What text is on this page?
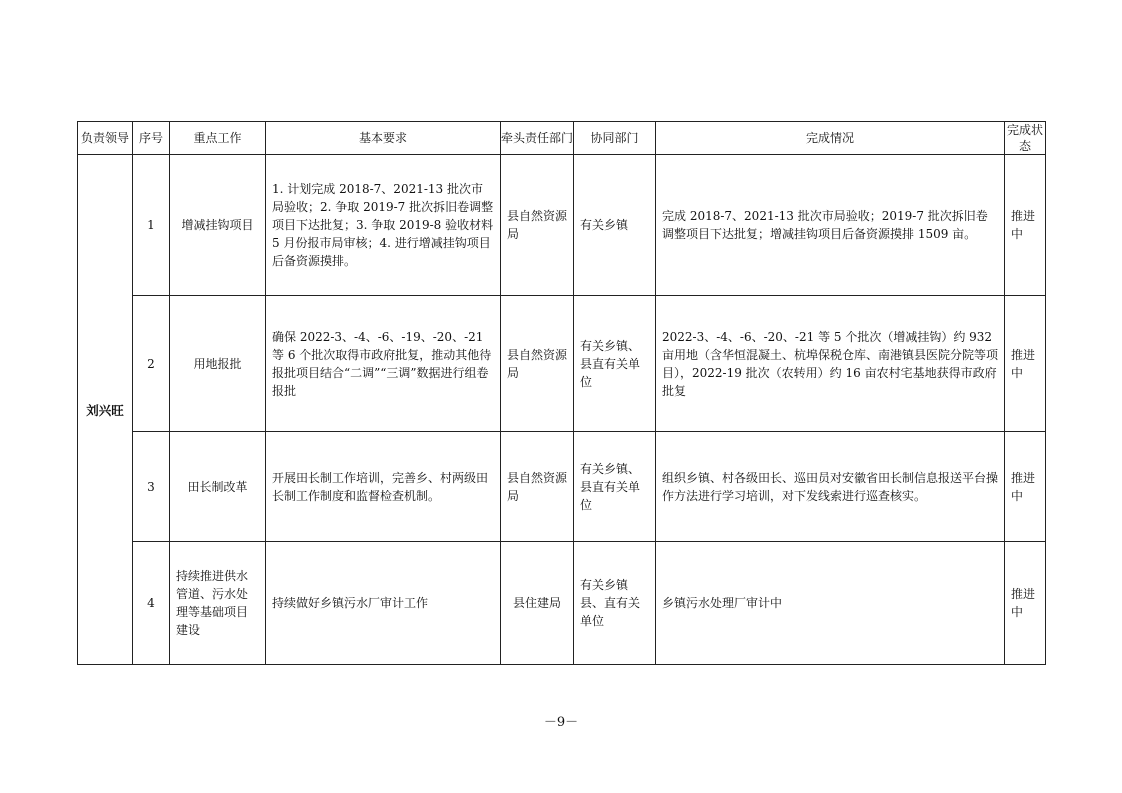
负责领导	序号	重点工作	基本要求	牵头责任部门	协同部门	完成情况	完成状态
刘兴旺	1	增减挂钩项目	1. 计划完成 2018-7、2021-13 批次市局验收；2. 争取 2019-7 批次拆旧卷调整项目下达批复；3. 争取 2019-8 验收材料 5 月份报市局审核；4. 进行增减挂钩项目后备资源摸排。	县自然资源局	有关乡镇	完成 2018-7、2021-13 批次市局验收；2019-7 批次拆旧卷调整项目下达批复；增减挂钩项目后备资源摸排 1509 亩。	推进中
	2	用地报批	确保 2022-3、-4、-6、-19、-20、-21 等 6 个批次取得市政府批复，推动其他待报批项目结合“二调”“三调”数据进行组卷报批	县自然资源局	有关乡镇、县直有关单位	2022-3、-4、-6、-20、-21 等 5 个批次（增减挂钩）约 932 亩用地（含华恒混凝土、杭埠保税仓库、南港镇县医院分院等项目），2022-19 批次（农转用）约 16 亩农村宅基地获得市政府批复	推进中
	3	田长制改革	开展田长制工作培训，完善乡、村两级田长制工作制度和监督检查机制。	县自然资源局	有关乡镇、县直有关单位	组织乡镇、村各级田长、巡田员对安徽省田长制信息报送平台操作方法进行学习培训，对下发线索进行巡查核实。	推进中
	4	持续推进供水管道、污水处理等基础项目建设	持续做好乡镇污水厂审计工作	县住建局	有关乡镇县、直有关单位	乡镇污水处理厂审计中	推进中
－9－
